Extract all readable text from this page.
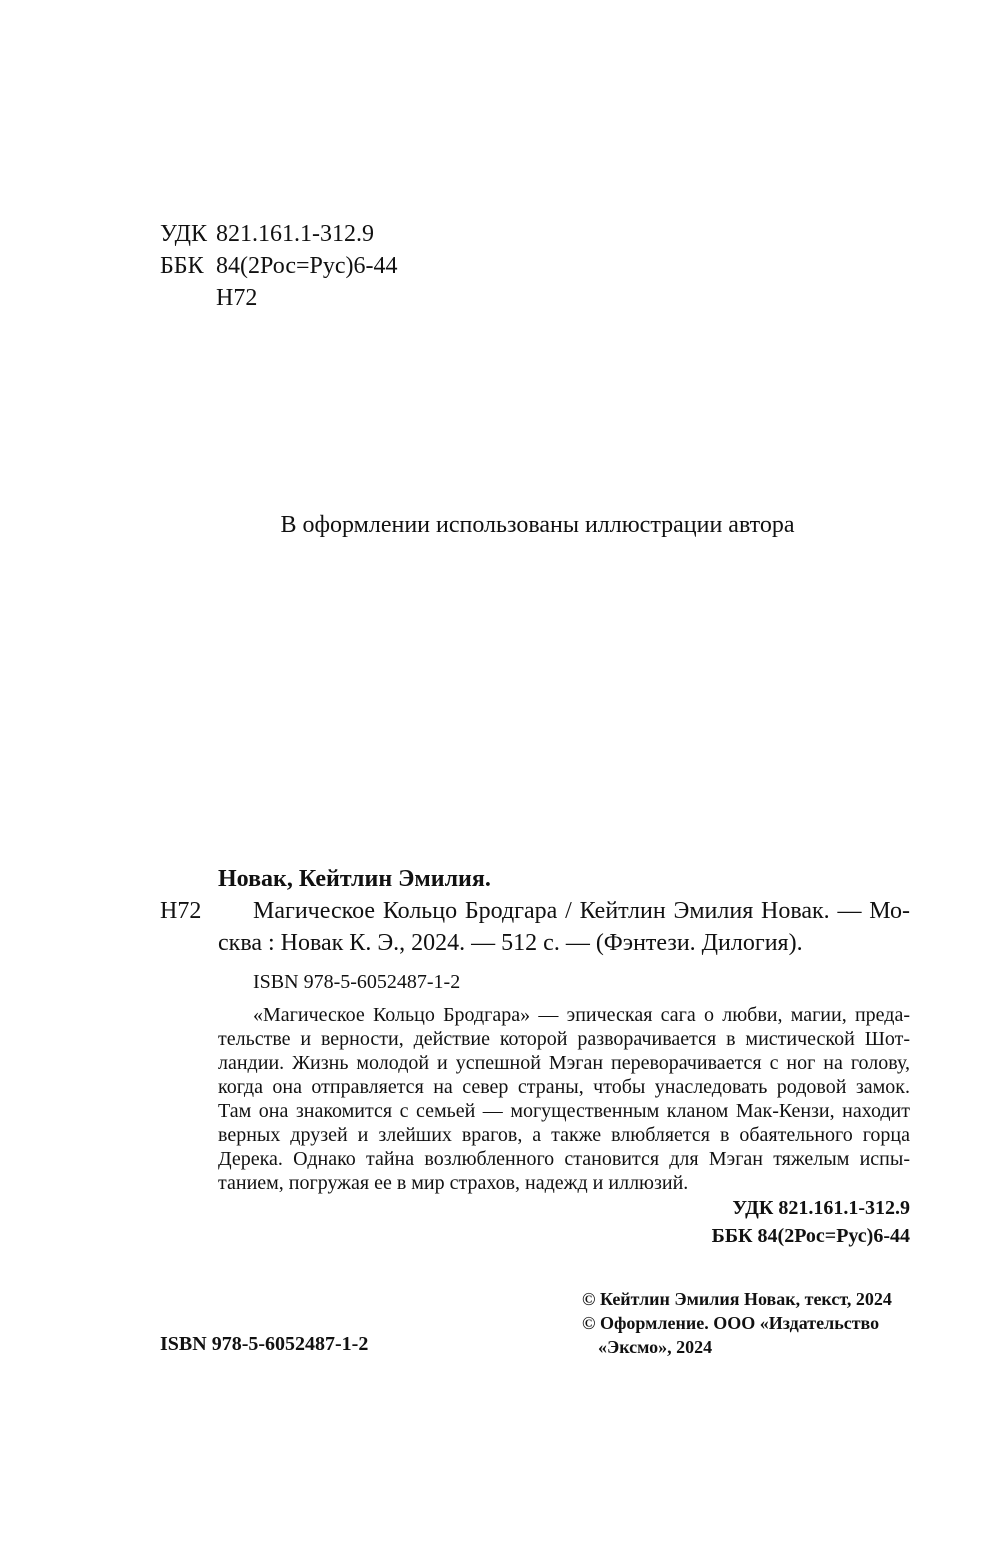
УДК 821.161.1-312.9
ББК 84(2Рос=Рус)6-44
Н72
В оформлении использованы иллюстрации автора
Новак, Кейтлин Эмилия.
Н72 Магическое Кольцо Бродгара / Кейтлин Эмилия Новак. — Мо-
сква : Новак К. Э., 2024. — 512 с. — (Фэнтези. Дилогия).
ISBN 978-5-6052487-1-2
«Магическое Кольцо Бродгара» — эпическая сага о любви, магии, преда-
тельстве и верности, действие которой разворачивается в мистической Шот-
ландии. Жизнь молодой и успешной Мэган переворачивается с ног на голову,
когда она отправляется на север страны, чтобы унаследовать родовой замок.
Там она знакомится с семьей — могущественным кланом Мак-Кензи, находит
верных друзей и злейших врагов, а также влюбляется в обаятельного горца
Дерека. Однако тайна возлюбленного становится для Мэган тяжелым испы-
танием, погружая ее в мир страхов, надежд и иллюзий.
УДК 821.161.1-312.9
ББК 84(2Рос=Рус)6-44
ISBN 978-5-6052487-1-2
© Кейтлин Эмилия Новак, текст, 2024
© Оформление. ООО «Издательство
«Эксмо», 2024
